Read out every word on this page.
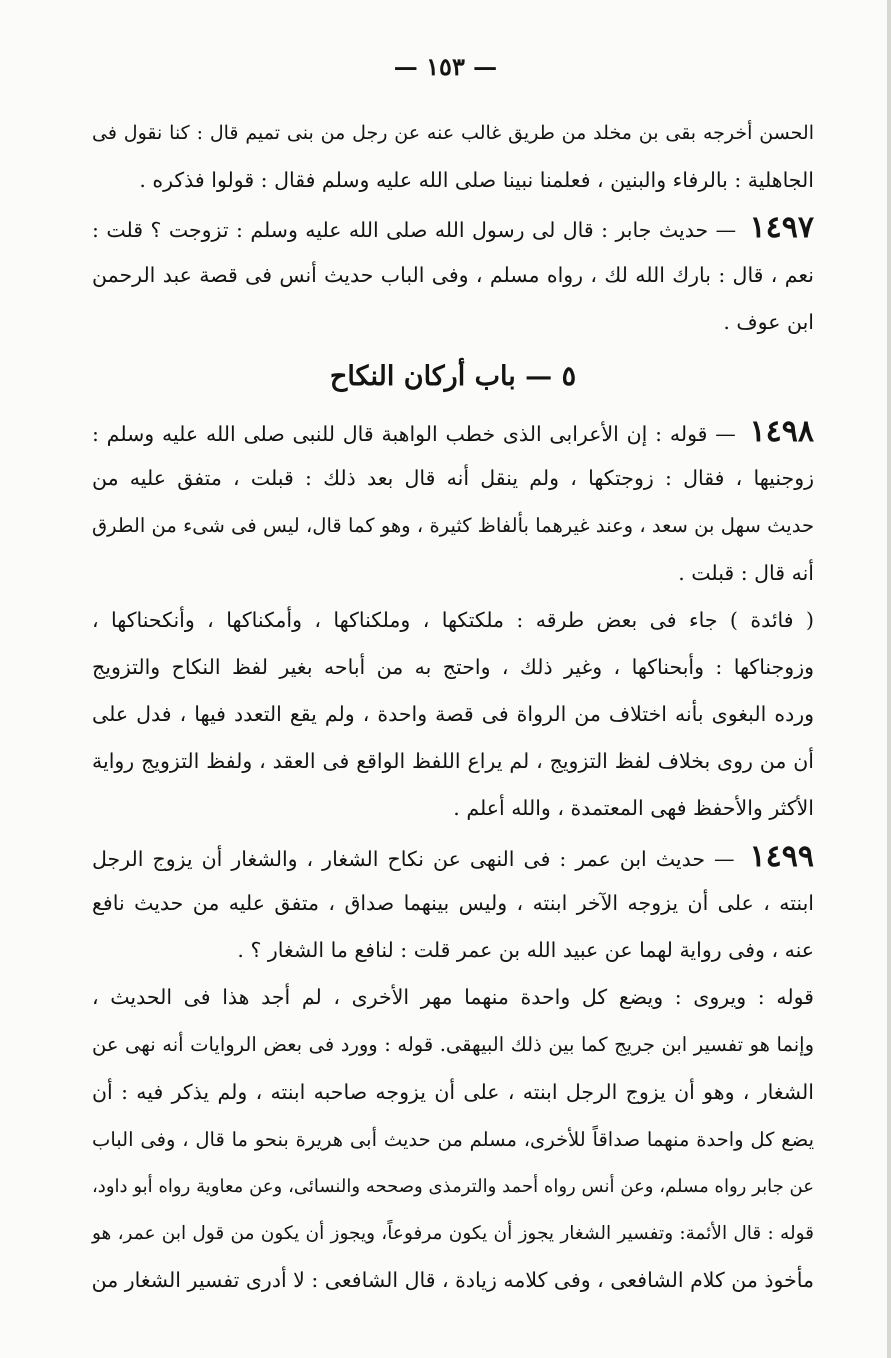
— ١٥٣ —
الحسن أخرجه بقى بن مخلد من طريق غالب عنه عن رجل من بنى تميم قال : كنا نقول فى
الجاهلية : بالرفاء والبنين ، فعلمنا نبينا صلى الله عليه وسلم فقال : قولوا فذكره .
١٤٩٧ — حديث جابر : قال لى رسول الله صلى الله عليه وسلم : تزوجت ؟ قلت :
نعم ، قال : بارك الله لك ، رواه مسلم ، وفى الباب حديث أنس فى قصة عبد الرحمن
ابن عوف .
٥ — باب أركان النكاح
١٤٩٨ — قوله : إن الأعرابى الذى خطب الواهبة قال للنبى صلى الله عليه وسلم :
زوجنيها ، فقال : زوجتكها ، ولم ينقل أنه قال بعد ذلك : قبلت ، متفق عليه من
حديث سهل بن سعد ، وعند غيرهما بألفاظ كثيرة ، وهو كما قال، ليس فى شىء من الطرق
أنه قال : قبلت .
( فائدة ) جاء فى بعض طرقه : ملكتكها ، وملكناكها ، وأمكناكها ، وأنكحناكها ،
وزوجناكها : وأبحناكها ، وغير ذلك ، واحتج به من أباحه بغير لفظ النكاح والتزويج
ورده البغوى بأنه اختلاف من الرواة فى قصة واحدة ، ولم يقع التعدد فيها ، فدل على
أن من روى بخلاف لفظ التزويج ، لم يراع اللفظ الواقع فى العقد ، ولفظ التزويج رواية
الأكثر والأحفظ فهى المعتمدة ، والله أعلم .
١٤٩٩ — حديث ابن عمر : فى النهى عن نكاح الشغار ، والشغار أن يزوج الرجل
ابنته ، على أن يزوجه الآخر ابنته ، وليس بينهما صداق ، متفق عليه من حديث نافع
عنه ، وفى رواية لهما عن عبيد الله بن عمر قلت : لنافع ما الشغار ؟ .
قوله : ويروى : ويضع كل واحدة منهما مهر الأخرى ، لم أجد هذا فى الحديث ،
وإنما هو تفسير ابن جريج كما بين ذلك البيهقى. قوله : وورد فى بعض الروايات أنه نهى عن
الشغار ، وهو أن يزوج الرجل ابنته ، على أن يزوجه صاحبه ابنته ، ولم يذكر فيه : أن
يضع كل واحدة منهما صداقاً للأخرى، مسلم من حديث أبى هريرة بنحو ما قال ، وفى الباب
عن جابر رواه مسلم، وعن أنس رواه أحمد والترمذى وصححه والنسائى، وعن معاوية رواه أبو داود،
قوله : قال الأئمة: وتفسير الشغار يجوز أن يكون مرفوعاً، ويجوز أن يكون من قول ابن عمر، هو
مأخوذ من كلام الشافعى ، وفى كلامه زيادة ، قال الشافعى : لا أدرى تفسير الشغار من
